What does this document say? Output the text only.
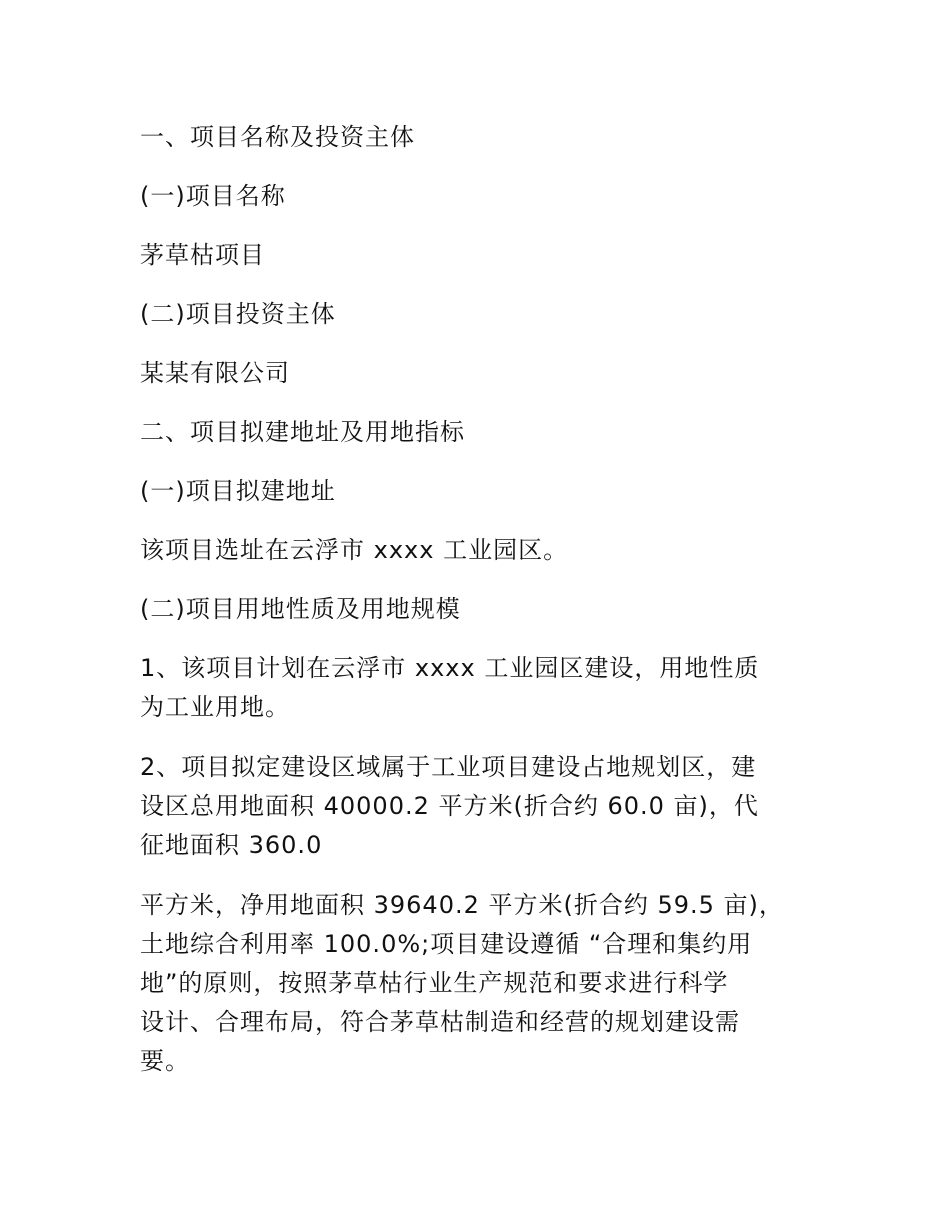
一、项目名称及投资主体

(一)项目名称

茅草枯项目

(二)项目投资主体

某某有限公司

二、项目拟建地址及用地指标

(一)项目拟建地址

该项目选址在云浮市 xxxx 工业园区。

(二)项目用地性质及用地规模

1、该项目计划在云浮市 xxxx 工业园区建设，用地性质

为工业用地。

2、项目拟定建设区域属于工业项目建设占地规划区，建

设区总用地面积 40000.2 平方米(折合约 60.0 亩)，代

征地面积 360.0

平方米，净用地面积 39640.2 平方米(折合约 59.5 亩)，

土地综合利用率 100.0%;项目建设遵循 “合理和集约用

地”的原则，按照茅草枯行业生产规范和要求进行科学

设计、合理布局，符合茅草枯制造和经营的规划建设需

要。
